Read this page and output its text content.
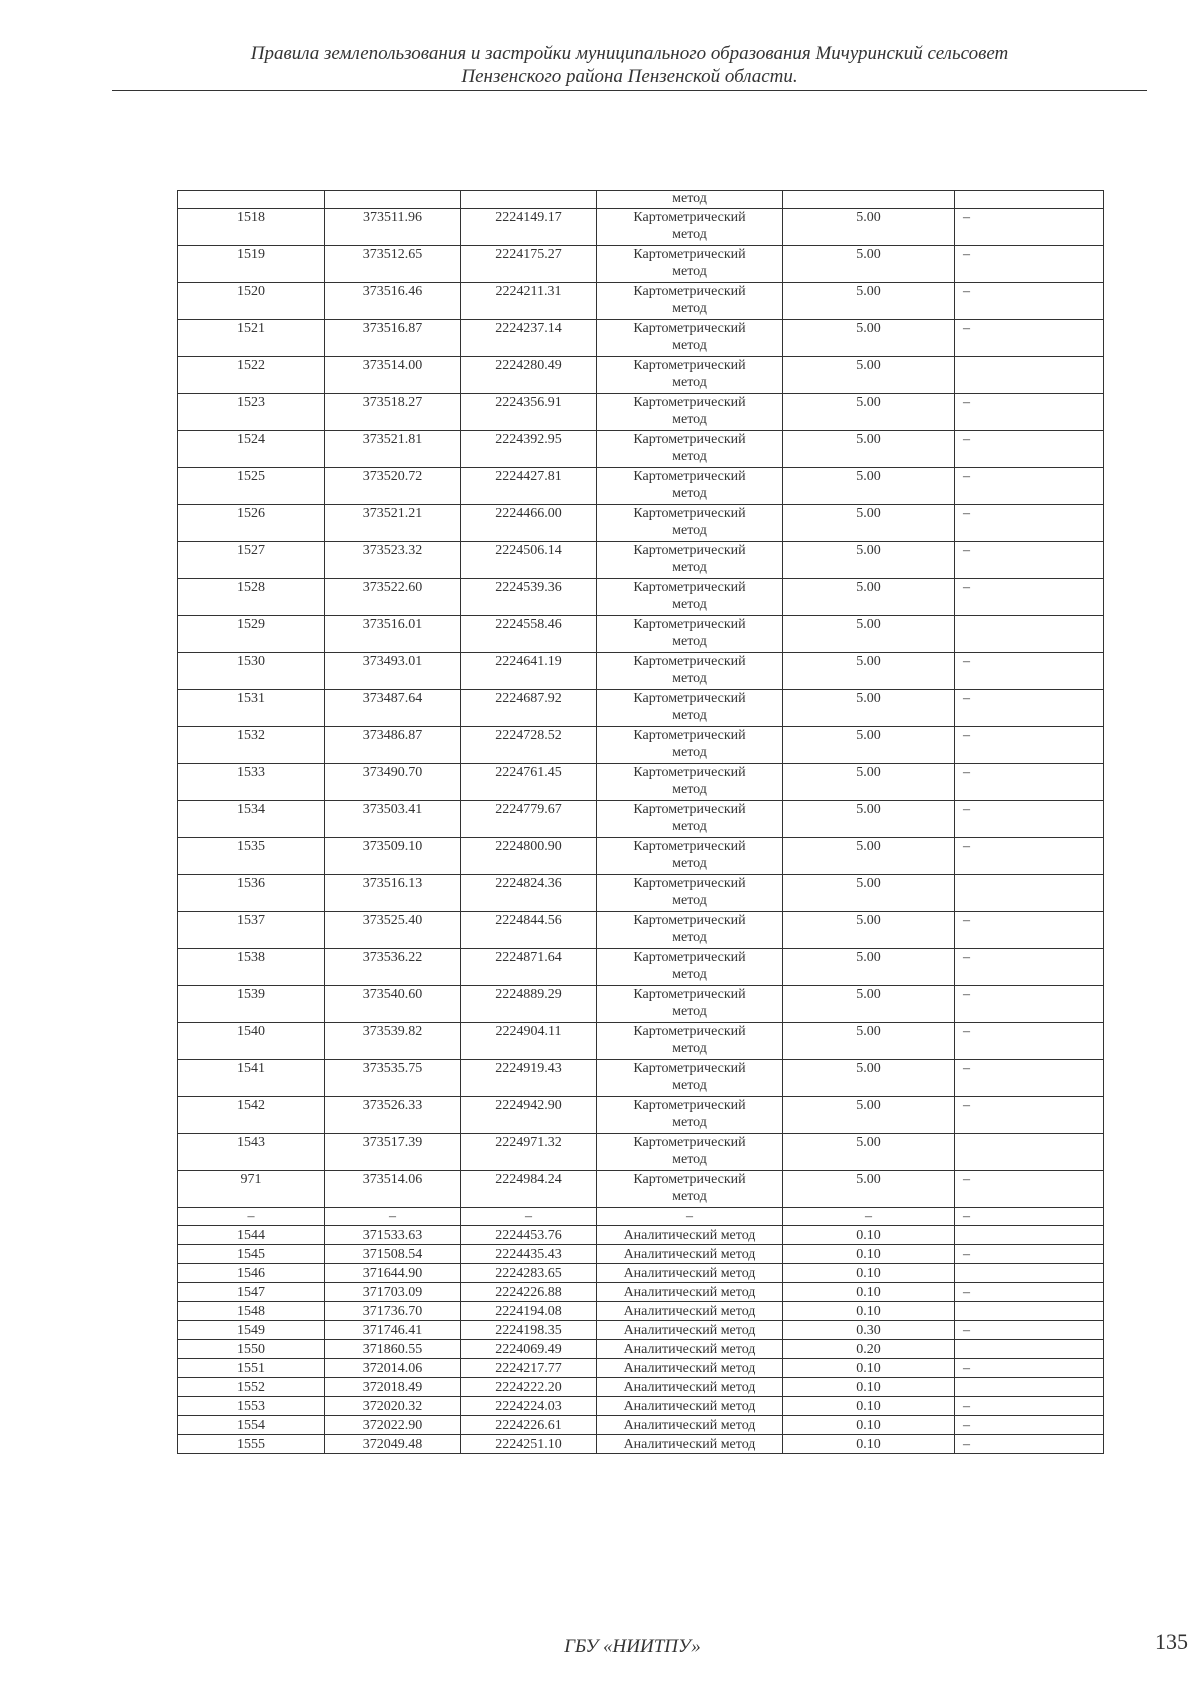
Правила землепользования и застройки муниципального образования Мичуринский сельсовет
Пензенского района Пензенской области.
			метод		
1518	373511.96	2224149.17	Картометрический
метод	5.00	–
1519	373512.65	2224175.27	Картометрический
метод	5.00	–
1520	373516.46	2224211.31	Картометрический
метод	5.00	–
1521	373516.87	2224237.14	Картометрический
метод	5.00	–
1522	373514.00	2224280.49	Картометрический
метод	5.00	
1523	373518.27	2224356.91	Картометрический
метод	5.00	–
1524	373521.81	2224392.95	Картометрический
метод	5.00	–
1525	373520.72	2224427.81	Картометрический
метод	5.00	–
1526	373521.21	2224466.00	Картометрический
метод	5.00	–
1527	373523.32	2224506.14	Картометрический
метод	5.00	–
1528	373522.60	2224539.36	Картометрический
метод	5.00	–
1529	373516.01	2224558.46	Картометрический
метод	5.00	
1530	373493.01	2224641.19	Картометрический
метод	5.00	–
1531	373487.64	2224687.92	Картометрический
метод	5.00	–
1532	373486.87	2224728.52	Картометрический
метод	5.00	–
1533	373490.70	2224761.45	Картометрический
метод	5.00	–
1534	373503.41	2224779.67	Картометрический
метод	5.00	–
1535	373509.10	2224800.90	Картометрический
метод	5.00	–
1536	373516.13	2224824.36	Картометрический
метод	5.00	
1537	373525.40	2224844.56	Картометрический
метод	5.00	–
1538	373536.22	2224871.64	Картометрический
метод	5.00	–
1539	373540.60	2224889.29	Картометрический
метод	5.00	–
1540	373539.82	2224904.11	Картометрический
метод	5.00	–
1541	373535.75	2224919.43	Картометрический
метод	5.00	–
1542	373526.33	2224942.90	Картометрический
метод	5.00	–
1543	373517.39	2224971.32	Картометрический
метод	5.00	
971	373514.06	2224984.24	Картометрический
метод	5.00	–
–	–	–	–	–	–
1544	371533.63	2224453.76	Аналитический метод	0.10	
1545	371508.54	2224435.43	Аналитический метод	0.10	–
1546	371644.90	2224283.65	Аналитический метод	0.10	
1547	371703.09	2224226.88	Аналитический метод	0.10	–
1548	371736.70	2224194.08	Аналитический метод	0.10	
1549	371746.41	2224198.35	Аналитический метод	0.30	–
1550	371860.55	2224069.49	Аналитический метод	0.20	
1551	372014.06	2224217.77	Аналитический метод	0.10	–
1552	372018.49	2224222.20	Аналитический метод	0.10	
1553	372020.32	2224224.03	Аналитический метод	0.10	–
1554	372022.90	2224226.61	Аналитический метод	0.10	–
1555	372049.48	2224251.10	Аналитический метод	0.10	–
ГБУ «НИИТПУ»	135
